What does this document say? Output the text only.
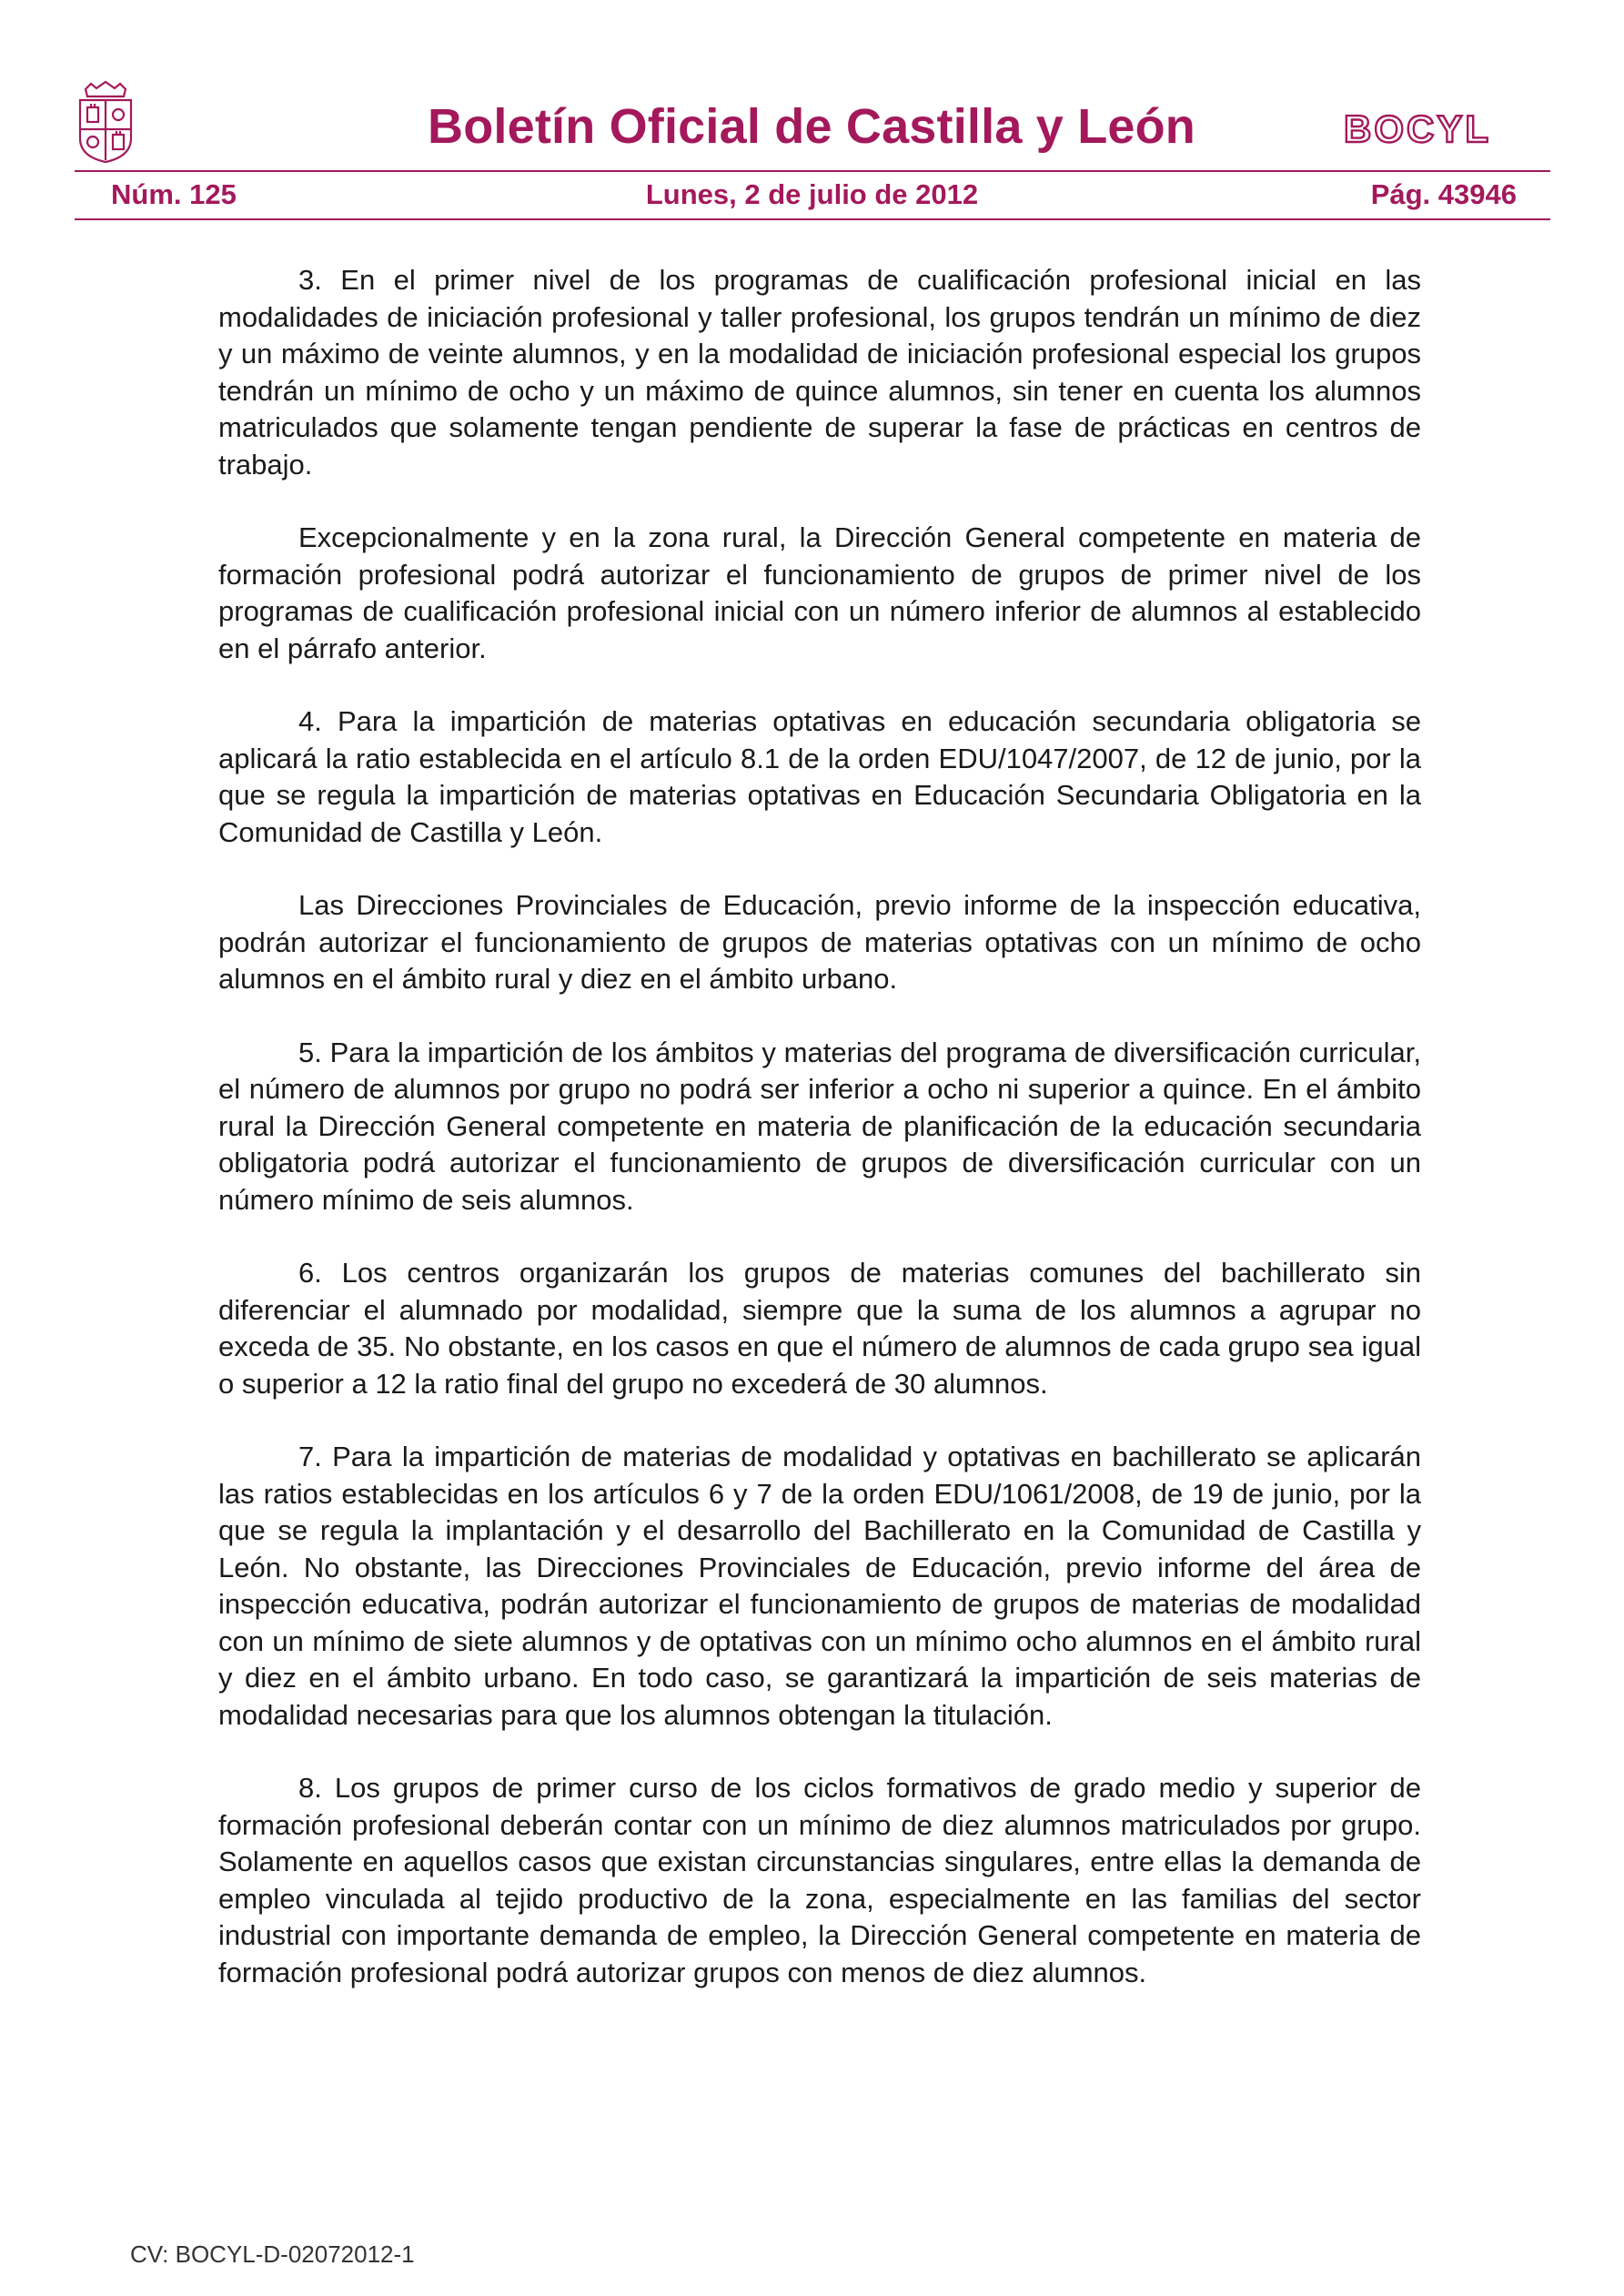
Boletín Oficial de Castilla y León	BOCYL
Núm. 125	Lunes, 2 de julio de 2012	Pág. 43946

3. En el primer nivel de los programas de cualificación profesional inicial en las modalidades de iniciación profesional y taller profesional, los grupos tendrán un mínimo de diez y un máximo de veinte alumnos, y en la modalidad de iniciación profesional especial los grupos tendrán un mínimo de ocho y un máximo de quince alumnos, sin tener en cuenta los alumnos matriculados que solamente tengan pendiente de superar la fase de prácticas en centros de trabajo.

Excepcionalmente y en la zona rural, la Dirección General competente en materia de formación profesional podrá autorizar el funcionamiento de grupos de primer nivel de los programas de cualificación profesional inicial con un número inferior de alumnos al establecido en el párrafo anterior.

4. Para la impartición de materias optativas en educación secundaria obligatoria se aplicará la ratio establecida en el artículo 8.1 de la orden EDU/1047/2007, de 12 de junio, por la que se regula la impartición de materias optativas en Educación Secundaria Obligatoria en la Comunidad de Castilla y León.

Las Direcciones Provinciales de Educación, previo informe de la inspección educativa, podrán autorizar el funcionamiento de grupos de materias optativas con un mínimo de ocho alumnos en el ámbito rural y diez en el ámbito urbano.

5. Para la impartición de los ámbitos y materias del programa de diversificación curricular, el número de alumnos por grupo no podrá ser inferior a ocho ni superior a quince. En el ámbito rural la Dirección General competente en materia de planificación de la educación secundaria obligatoria podrá autorizar el funcionamiento de grupos de diversificación curricular con un número mínimo de seis alumnos.

6. Los centros organizarán los grupos de materias comunes del bachillerato sin diferenciar el alumnado por modalidad, siempre que la suma de los alumnos a agrupar no exceda de 35. No obstante, en los casos en que el número de alumnos de cada grupo sea igual o superior a 12 la ratio final del grupo no excederá de 30 alumnos.

7. Para la impartición de materias de modalidad y optativas en bachillerato se aplicarán las ratios establecidas en los artículos 6 y 7 de la orden EDU/1061/2008, de 19 de junio, por la que se regula la implantación y el desarrollo del Bachillerato en la Comunidad de Castilla y León. No obstante, las Direcciones Provinciales de Educación, previo informe del área de inspección educativa, podrán autorizar el funcionamiento de grupos de materias de modalidad con un mínimo de siete alumnos y de optativas con un mínimo ocho alumnos en el ámbito rural y diez en el ámbito urbano. En todo caso, se garantizará la impartición de seis materias de modalidad necesarias para que los alumnos obtengan la titulación.

8. Los grupos de primer curso de los ciclos formativos de grado medio y superior de formación profesional deberán contar con un mínimo de diez alumnos matriculados por grupo. Solamente en aquellos casos que existan circunstancias singulares, entre ellas la demanda de empleo vinculada al tejido productivo de la zona, especialmente en las familias del sector industrial con importante demanda de empleo, la Dirección General competente en materia de formación profesional podrá autorizar grupos con menos de diez alumnos.

CV: BOCYL-D-02072012-1
